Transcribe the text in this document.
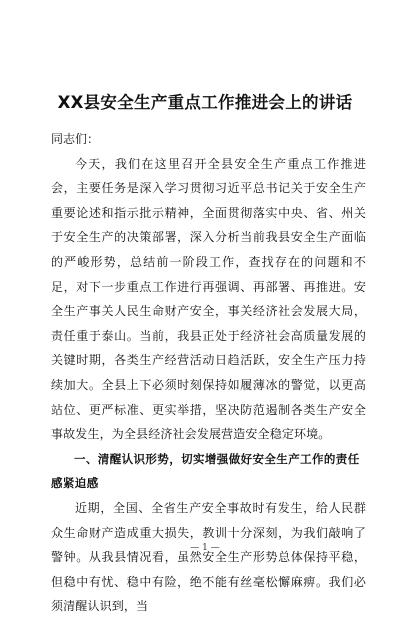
XX县安全生产重点工作推进会上的讲话

同志们：

今天，我们在这里召开全县安全生产重点工作推进会，主要任务是深入学习贯彻习近平总书记关于安全生产重要论述和指示批示精神，全面贯彻落实中央、省、州关于安全生产的决策部署，深入分析当前我县安全生产面临的严峻形势，总结前一阶段工作，查找存在的问题和不足，对下一步重点工作进行再强调、再部署、再推进。安全生产事关人民生命财产安全，事关经济社会发展大局，责任重于泰山。当前，我县正处于经济社会高质量发展的关键时期，各类生产经营活动日趋活跃，安全生产压力持续加大。全县上下必须时刻保持如履薄冰的警觉，以更高站位、更严标准、更实举措，坚决防范遏制各类生产安全事故发生，为全县经济社会发展营造安全稳定环境。

一、清醒认识形势，切实增强做好安全生产工作的责任感紧迫感

近期，全国、全省生产安全事故时有发生，给人民群众生命财产造成重大损失，教训十分深刻，为我们敲响了警钟。从我县情况看，虽然安全生产形势总体保持平稳，但稳中有忧、稳中有险，绝不能有丝毫松懈麻痹。我们必须清醒认识到，当

— 1 —
